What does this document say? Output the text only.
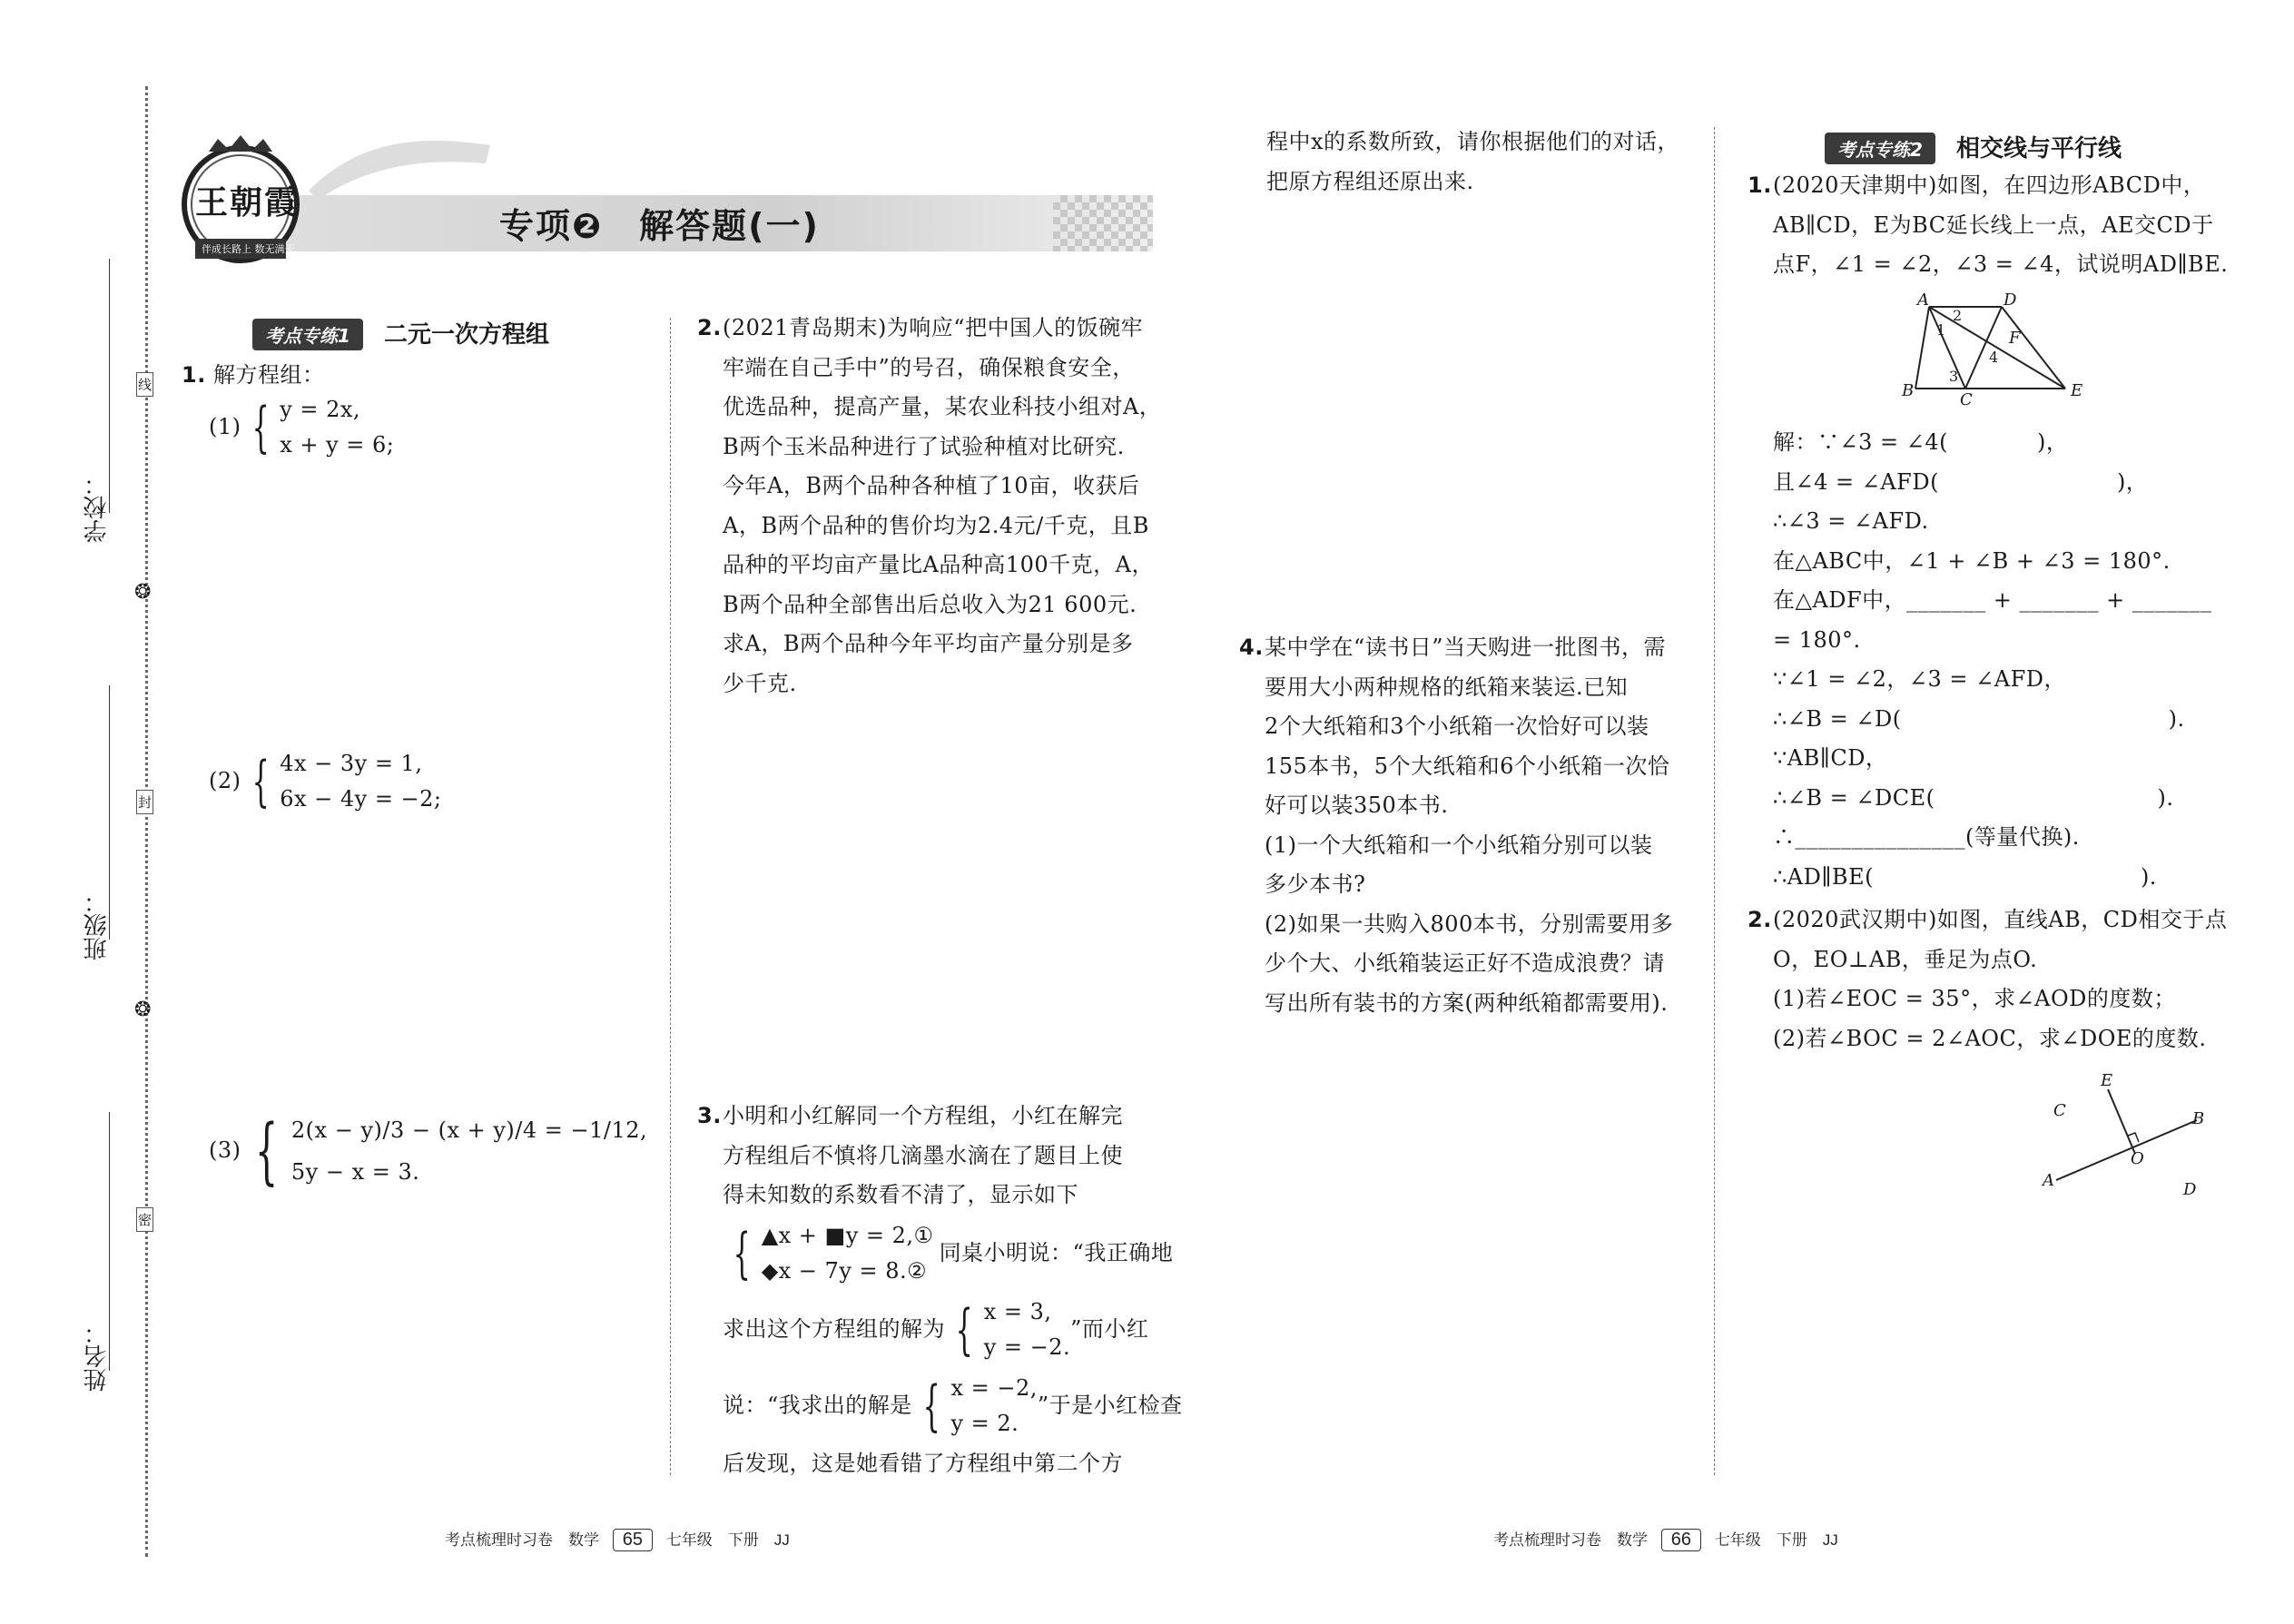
学校：
班级：
姓名：
线
封
密
❂
❂
王朝霞
伴成长路上 数无满天
专项❷　解答题(一)
考点专练1 二元一次方程组
1. 解方程组：
(1) { y = 2x,
x + y = 6;
(2) { 4x − 3y = 1,
6x − 4y = −2;
(3) { 2(x − y)/3 − (x + y)/4 = −1/12,
5y − x = 3.
2. (2021青岛期末)为响应“把中国人的饭碗牢
牢端在自己手中”的号召，确保粮食安全，
优选品种，提高产量，某农业科技小组对A，
B两个玉米品种进行了试验种植对比研究.
今年A，B两个品种各种植了10亩，收获后
A，B两个品种的售价均为2.4元/千克，且B
品种的平均亩产量比A品种高100千克，A，
B两个品种全部售出后总收入为21 600元.
求A，B两个品种今年平均亩产量分别是多
少千克.
3. 小明和小红解同一个方程组，小红在解完
方程组后不慎将几滴墨水滴在了题目上使
得未知数的系数看不清了，显示如下
{ ▲x + ■y = 2,①
◆x − 7y = 8.②
同桌小明说：“我正确地
求出这个方程组的解为 { x = 3,
y = −2.
”而小红
说：“我求出的解是 { x = −2,
y = 2.
”于是小红检查
后发现，这是她看错了方程组中第二个方
程中x的系数所致，请你根据他们的对话，
把原方程组还原出来.
4. 某中学在“读书日”当天购进一批图书，需
要用大小两种规格的纸箱来装运.已知
2个大纸箱和3个小纸箱一次恰好可以装
155本书，5个大纸箱和6个小纸箱一次恰
好可以装350本书.
(1)一个大纸箱和一个小纸箱分别可以装
多少本书?
(2)如果一共购入800本书，分别需要用多
少个大、小纸箱装运正好不造成浪费？请
写出所有装书的方案(两种纸箱都需要用).
考点专练2 相交线与平行线
1. (2020天津期中)如图，在四边形ABCD中，
AB∥CD，E为BC延长线上一点，AE交CD于
点F，∠1 = ∠2，∠3 = ∠4，试说明AD∥BE.
A	D
B	C	E
F
1
2
3
4
解：∵∠3 = ∠4(　　　　)，
且∠4 = ∠AFD(　　　　　　　　)，
∴∠3 = ∠AFD.
在△ABC中，∠1 + ∠B + ∠3 = 180°.
在△ADF中，_______ + _______ + _______
= 180°.
∵∠1 = ∠2，∠3 = ∠AFD，
∴∠B = ∠D(　　　　　　　　　　　　).
∵AB∥CD，
∴∠B = ∠DCE(　　　　　　　　　　).
∴_______________(等量代换).
∴AD∥BE(　　　　　　　　　　　　).
2. (2020武汉期中)如图，直线AB，CD相交于点
O，EO⊥AB，垂足为点O.
(1)若∠EOC = 35°，求∠AOD的度数；
(2)若∠BOC = 2∠AOC，求∠DOE的度数.
E
C	B
O
A	D
考点梳理时习卷　数学 65 七年级　下册　JJ	考点梳理时习卷　数学 66 七年级　下册　JJ
